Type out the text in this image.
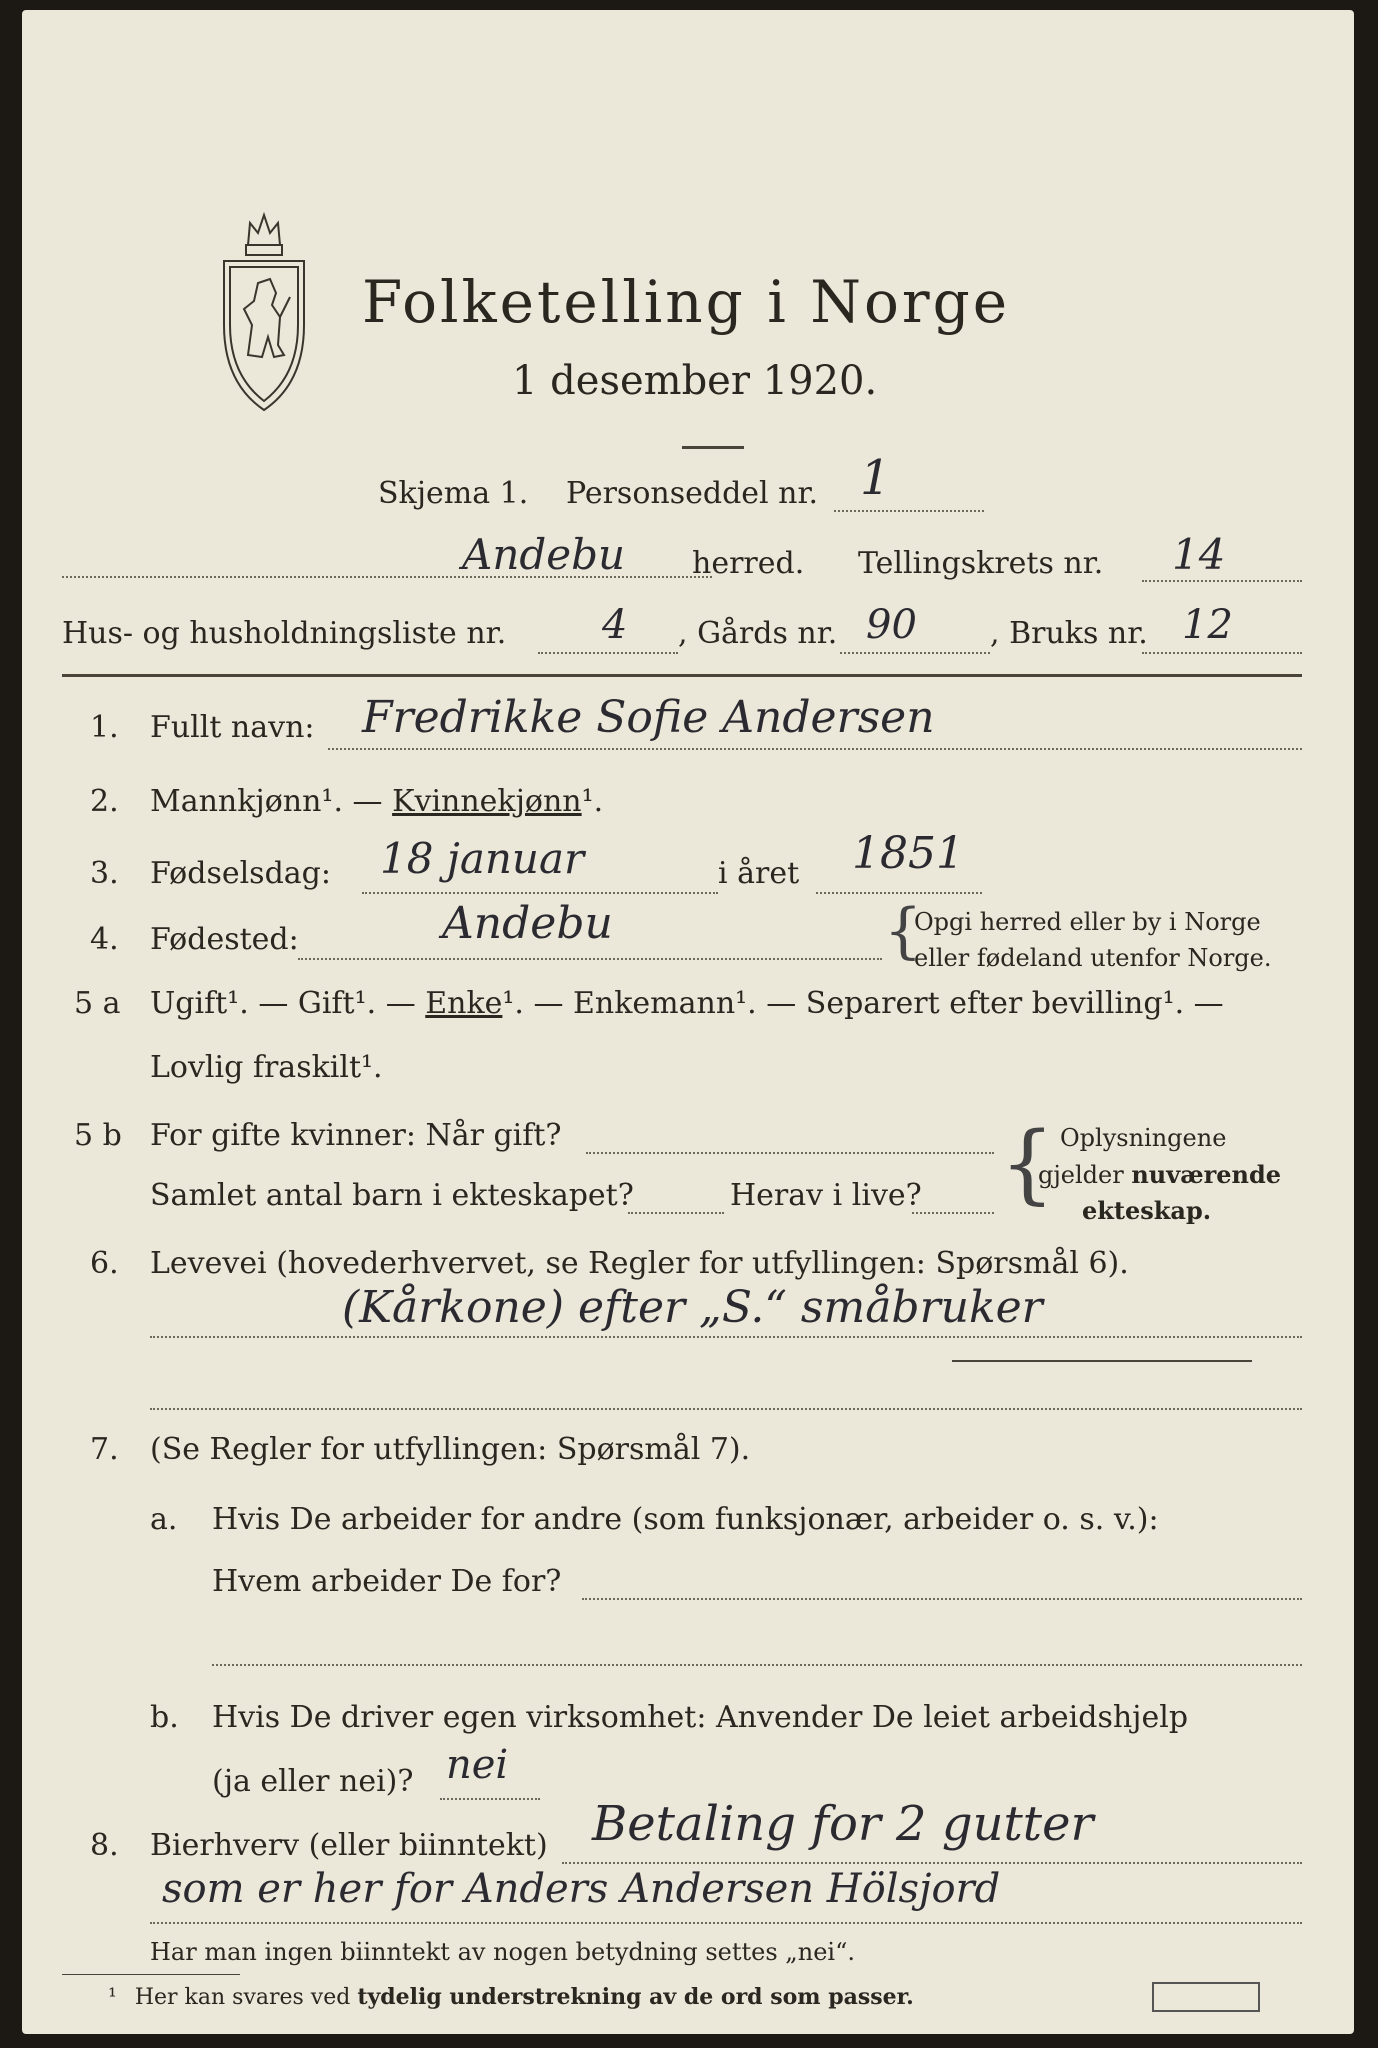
Folketelling i Norge
1 desember 1920.
Skjema 1. Personseddel nr. 1
Andebu herred. Tellingskrets nr. 14
Hus- og husholdningsliste nr. 4 , Gårds nr. 90 , Bruks nr. 12
1. Fullt navn: Fredrikke Sofie Andersen
2. Mannkjønn¹. — Kvinnekjønn¹.
3. Fødselsdag: 18 januar	i året 1851
4. Fødested:	Andebu	{
Opgi herred eller by i Norge
eller fødeland utenfor Norge.
5 a Ugift¹. — Gift¹. — Enke¹. — Enkemann¹. — Separert efter bevilling¹. —
Lovlig fraskilt¹.
5 b For gifte kvinner: Når gift?
Samlet antal barn i ekteskapet?	Herav i live? { Oplysningene
gjelder nuværende
ekteskap.
6. Levevei (hovederhvervet, se Regler for utfyllingen: Spørsmål 6).
(Kårkone) efter „S.“ småbruker
7. (Se Regler for utfyllingen: Spørsmål 7).
a. Hvis De arbeider for andre (som funksjonær, arbeider o. s. v.):
Hvem arbeider De for?
b. Hvis De driver egen virksomhet: Anvender De leiet arbeidshjelp
(ja eller nei)? nei
8. Bierhverv (eller biinntekt) Betaling for 2 gutter
som er her for Anders Andersen Hölsjord
Har man ingen biinntekt av nogen betydning settes „nei“.
¹ Her kan svares ved tydelig understrekning av de ord som passer.
